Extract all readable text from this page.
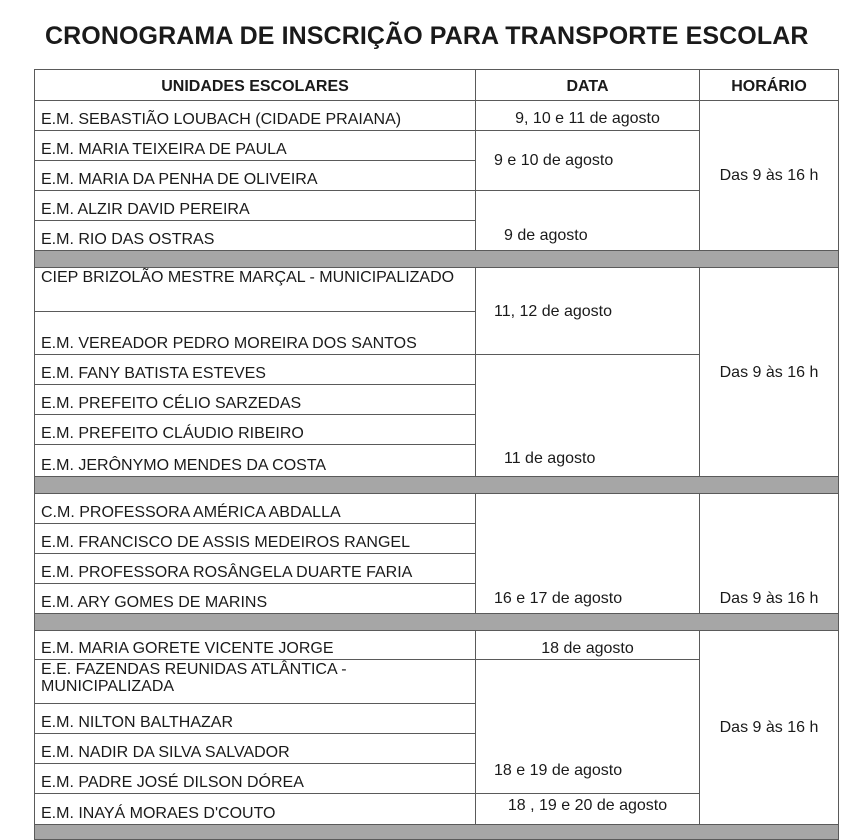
CRONOGRAMA DE INSCRIÇÃO PARA TRANSPORTE ESCOLAR
UNIDADES ESCOLARES	DATA	HORÁRIO
E.M. SEBASTIÃO LOUBACH (CIDADE PRAIANA)	9, 10 e 11 de agosto	Das 9 às 16 h
E.M. MARIA TEIXEIRA DE PAULA	9 e 10 de agosto	
E.M. MARIA DA PENHA DE OLIVEIRA		
E.M. ALZIR DAVID PEREIRA	9 de agosto	
E.M. RIO DAS OSTRAS		

CIEP BRIZOLÃO MESTRE MARÇAL - MUNICIPALIZADO	11, 12 de agosto	Das 9 às 16 h
E.M. VEREADOR PEDRO MOREIRA DOS SANTOS		
E.M. FANY BATISTA ESTEVES	11 de agosto	
E.M. PREFEITO CÉLIO SARZEDAS		
E.M. PREFEITO CLÁUDIO RIBEIRO		
E.M. JERÔNYMO MENDES DA COSTA		

C.M. PROFESSORA AMÉRICA ABDALLA	16 e 17 de agosto	Das 9 às 16 h
E.M. FRANCISCO DE ASSIS MEDEIROS RANGEL		
E.M. PROFESSORA ROSÂNGELA DUARTE FARIA		
E.M. ARY GOMES DE MARINS		

E.M. MARIA GORETE VICENTE JORGE	18 de agosto	Das 9 às 16 h
E.E. FAZENDAS REUNIDAS ATLÂNTICA - MUNICIPALIZADA	18 e 19 de agosto	
E.M. NILTON BALTHAZAR		
E.M. NADIR DA SILVA SALVADOR		
E.M. PADRE JOSÉ DILSON DÓREA		
E.M. INAYÁ MORAES D'COUTO	18 , 19 e 20 de agosto	
